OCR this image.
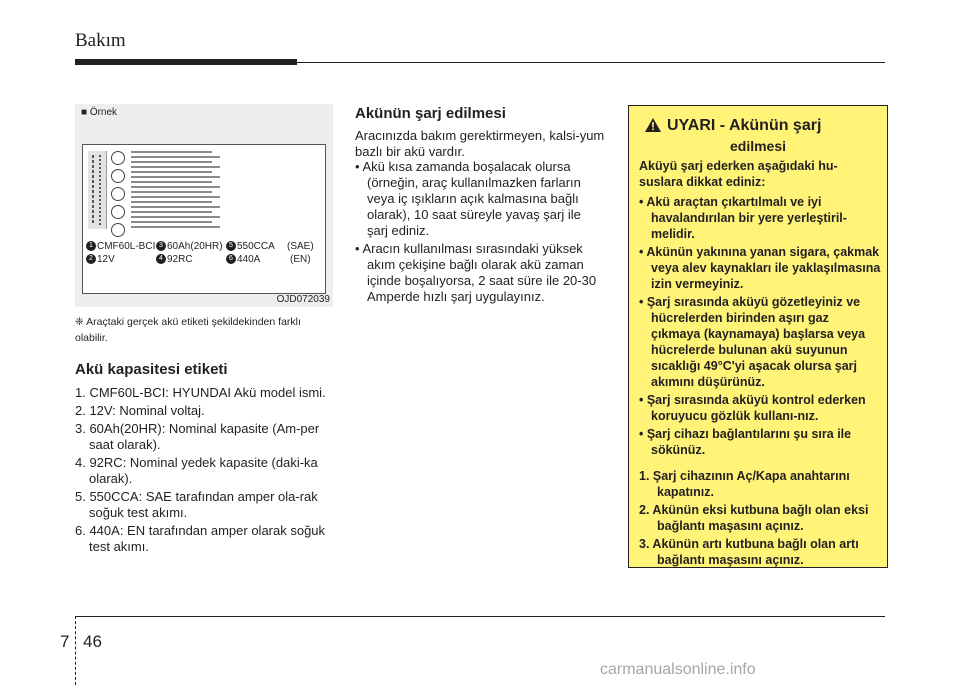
Bakım
■ Örnek
1 CMF60L-BCI
2 12V
3 60Ah(20HR)
4 92RC
5 550CCA
6 440A
(SAE)
(EN)
OJD072039
❈ Araçtaki gerçek akü etiketi şekildekinden farklı olabilir.
Akü kapasitesi etiketi
1. CMF60L-BCI: HYUNDAI Akü model ismi.
2. 12V: Nominal voltaj.
3. 60Ah(20HR): Nominal kapasite (Am-per saat olarak).
4. 92RC: Nominal yedek kapasite (daki-ka olarak).
5. 550CCA: SAE tarafından amper ola-rak soğuk test akımı.
6. 440A: EN tarafından amper olarak soğuk test akımı.
Akünün şarj edilmesi
Aracınızda bakım gerektirmeyen, kalsi-yum bazlı bir akü vardır.
• Akü kısa zamanda boşalacak olursa (örneğin, araç kullanılmazken farların veya iç ışıkların açık kalmasına bağlı olarak), 10 saat süreyle yavaş şarj ile şarj ediniz.
• Aracın kullanılması sırasındaki yüksek akım çekişine bağlı olarak akü zaman içinde boşalıyorsa, 2 saat süre ile 20-30 Amperde hızlı şarj uygulayınız.
UYARI - Akünün şarj
edilmesi
Aküyü şarj ederken aşağıdaki hu-suslara dikkat ediniz:
• Akü araçtan çıkartılmalı ve iyi havalandırılan bir yere yerleştiril-melidir.
• Akünün yakınına yanan sigara, çakmak veya alev kaynakları ile yaklaşılmasına izin vermeyiniz.
• Şarj sırasında aküyü gözetleyiniz ve hücrelerden birinden aşırı gaz çıkmaya (kaynamaya) başlarsa veya hücrelerde bulunan akü suyunun sıcaklığı 49°C'yi aşacak olursa şarj akımını düşürünüz.
• Şarj sırasında aküyü kontrol ederken koruyucu gözlük kullanı-nız.
• Şarj cihazı bağlantılarını şu sıra ile sökünüz.
1. Şarj cihazının Aç/Kapa anahtarını kapatınız.
2. Akünün eksi kutbuna bağlı olan eksi bağlantı maşasını açınız.
3. Akünün artı kutbuna bağlı olan artı bağlantı maşasını açınız.
7 46
carmanualsonline.info
